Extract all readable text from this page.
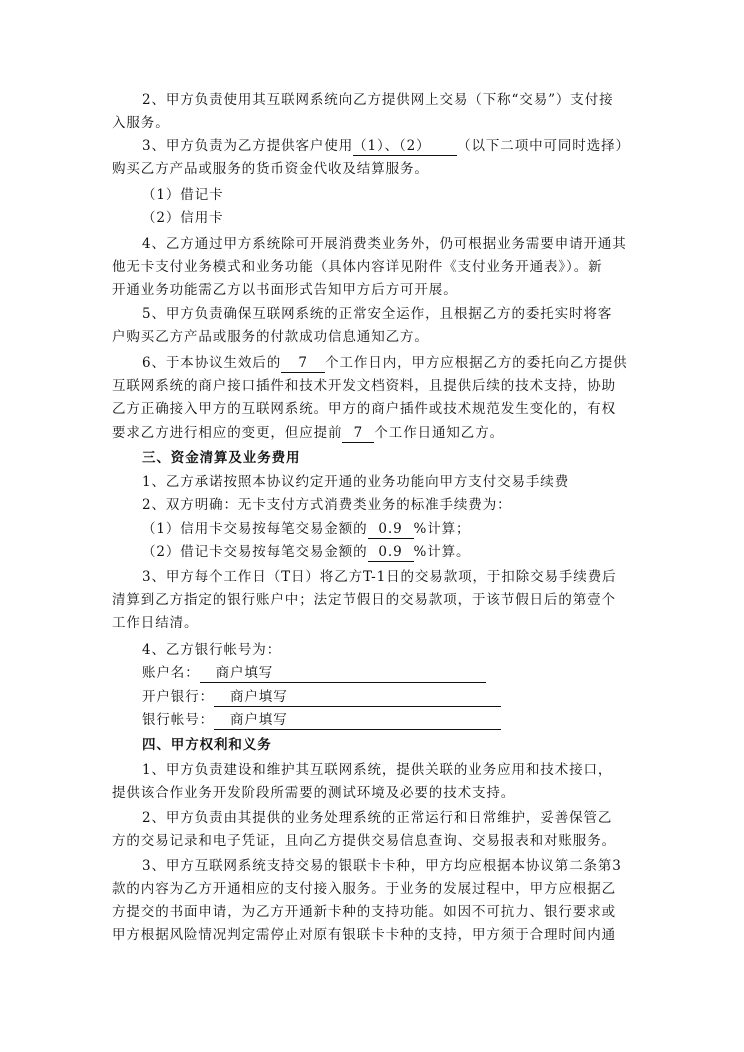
2、甲方负责使用其互联网系统向乙方提供网上交易（下称“交易”）支付接
入服务。
3、甲方负责为乙方提供客户使用（1）、（2） （以下二项中可同时选择）
购买乙方产品或服务的货币资金代收及结算服务。
（1）借记卡
（2）信用卡
4、乙方通过甲方系统除可开展消费类业务外，仍可根据业务需要申请开通其
他无卡支付业务模式和业务功能（具体内容详见附件《支付业务开通表》）。新
开通业务功能需乙方以书面形式告知甲方后方可开展。
5、甲方负责确保互联网系统的正常安全运作，且根据乙方的委托实时将客
户购买乙方产品或服务的付款成功信息通知乙方。
6、于本协议生效后的 7 个工作日内，甲方应根据乙方的委托向乙方提供
互联网系统的商户接口插件和技术开发文档资料，且提供后续的技术支持，协助
乙方正确接入甲方的互联网系统。甲方的商户插件或技术规范发生变化的，有权
要求乙方进行相应的变更，但应提前 7 个工作日通知乙方。
三、资金清算及业务费用
1、乙方承诺按照本协议约定开通的业务功能向甲方支付交易手续费
2、双方明确：无卡支付方式消费类业务的标准手续费为：
（1）信用卡交易按每笔交易金额的 0.9 %计算；
（2）借记卡交易按每笔交易金额的 0.9 %计算。
3、甲方每个工作日（T日）将乙方T-1日的交易款项，于扣除交易手续费后
清算到乙方指定的银行账户中；法定节假日的交易款项，于该节假日后的第壹个
工作日结清。
4、乙方银行帐号为：
账户名： 商户填写
开户银行： 商户填写
银行帐号： 商户填写
四、甲方权利和义务
1、甲方负责建设和维护其互联网系统，提供关联的业务应用和技术接口，
提供该合作业务开发阶段所需要的测试环境及必要的技术支持。
2、甲方负责由其提供的业务处理系统的正常运行和日常维护，妥善保管乙
方的交易记录和电子凭证，且向乙方提供交易信息查询、交易报表和对账服务。
3、甲方互联网系统支持交易的银联卡卡种，甲方均应根据本协议第二条第3
款的内容为乙方开通相应的支付接入服务。于业务的发展过程中，甲方应根据乙
方提交的书面申请，为乙方开通新卡种的支持功能。如因不可抗力、银行要求或
甲方根据风险情况判定需停止对原有银联卡卡种的支持，甲方须于合理时间内通
